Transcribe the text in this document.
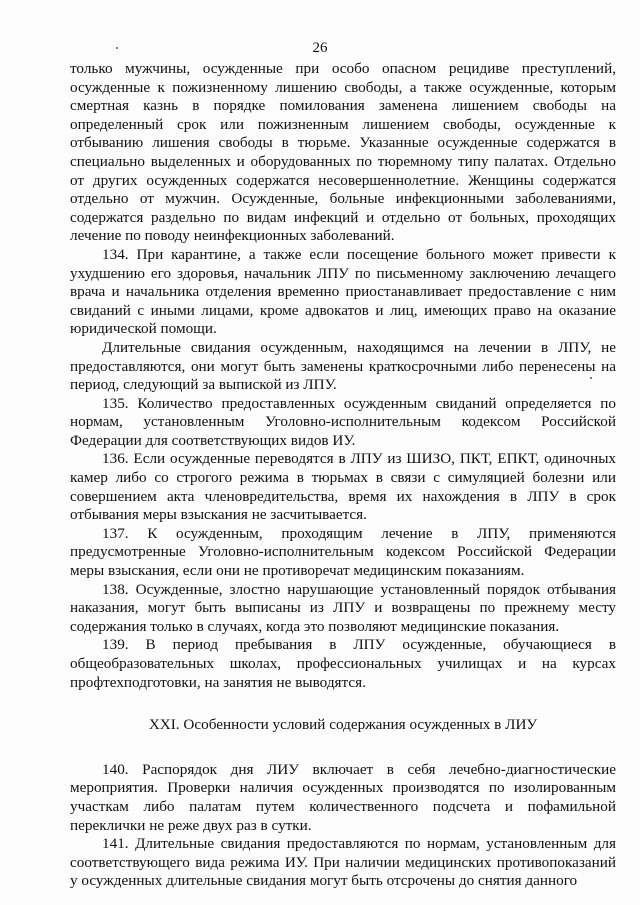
26

только мужчины, осужденные при особо опасном рецидиве преступлений, осужденные к пожизненному лишению свободы, а также осужденные, которым смертная казнь в порядке помилования заменена лишением свободы на определенный срок или пожизненным лишением свободы, осужденные к отбыванию лишения свободы в тюрьме. Указанные осужденные содержатся в специально выделенных и оборудованных по тюремному типу палатах. Отдельно от других осужденных содержатся несовершеннолетние. Женщины содержатся отдельно от мужчин. Осужденные, больные инфекционными заболеваниями, содержатся раздельно по видам инфекций и отдельно от больных, проходящих лечение по поводу неинфекционных заболеваний.

134. При карантине, а также если посещение больного может привести к ухудшению его здоровья, начальник ЛПУ по письменному заключению лечащего врача и начальника отделения временно приостанавливает предоставление с ним свиданий с иными лицами, кроме адвокатов и лиц, имеющих право на оказание юридической помощи.

Длительные свидания осужденным, находящимся на лечении в ЛПУ, не предоставляются, они могут быть заменены краткосрочными либо перенесены на период, следующий за выпиской из ЛПУ.

135. Количество предоставленных осужденным свиданий определяется по нормам, установленным Уголовно-исполнительным кодексом Российской Федерации для соответствующих видов ИУ.

136. Если осужденные переводятся в ЛПУ из ШИЗО, ПКТ, ЕПКТ, одиночных камер либо со строгого режима в тюрьмах в связи с симуляцией болезни или совершением акта членовредительства, время их нахождения в ЛПУ в срок отбывания меры взыскания не засчитывается.

137. К осужденным, проходящим лечение в ЛПУ, применяются предусмотренные Уголовно-исполнительным кодексом Российской Федерации меры взыскания, если они не противоречат медицинским показаниям.

138. Осужденные, злостно нарушающие установленный порядок отбывания наказания, могут быть выписаны из ЛПУ и возвращены по прежнему месту содержания только в случаях, когда это позволяют медицинские показания.

139. В период пребывания в ЛПУ осужденные, обучающиеся в общеобразовательных школах, профессиональных училищах и на курсах профтехподготовки, на занятия не выводятся.

XXI. Особенности условий содержания осужденных в ЛИУ

140. Распорядок дня ЛИУ включает в себя лечебно-диагностические мероприятия. Проверки наличия осужденных производятся по изолированным участкам либо палатам путем количественного подсчета и пофамильной переклички не реже двух раз в сутки.

141. Длительные свидания предоставляются по нормам, установленным для соответствующего вида режима ИУ. При наличии медицинских противопоказаний у осужденных длительные свидания могут быть отсрочены до снятия данного
